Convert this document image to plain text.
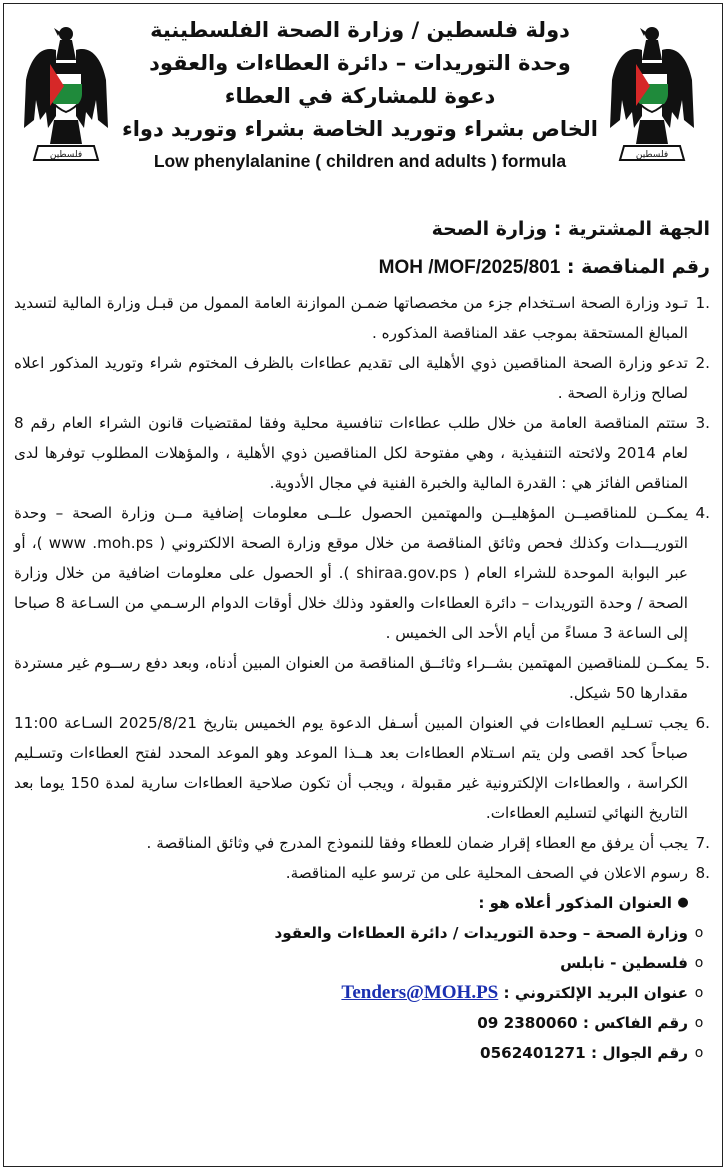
فلسطين	فلسطين
دولة فلسطين / وزارة الصحة الفلسطينية
وحدة التوريدات – دائرة العطاءات والعقود
دعوة للمشاركة في العطاء
الخاص بشراء وتوريد الخاصة بشراء وتوريد دواء
Low phenylalanine ( children and adults ) formula
الجهة المشترية : وزارة الصحة
رقم المناقصة : MOH /MOF/2025/801
.1
تـود وزارة الصحة اسـتخدام جزء من مخصصاتها ضمـن الموازنة العامة الممول من قبـل وزارة المالية لتسديد المبالغ المستحقة بموجب عقد المناقصة المذكوره .
.2
تدعو وزارة الصحة المناقصين ذوي الأهلية الى تقديم عطاءات بالظرف المختوم شراء وتوريد المذكور اعلاه لصالح وزارة الصحة .
.3
ستتم المناقصة العامة من خلال طلب عطاءات تنافسية محلية وفقا لمقتضيات قانون الشراء العام رقم 8 لعام 2014 ولائحته التنفيذية ، وهي مفتوحة لكل المناقصين ذوي الأهلية ، والمؤهلات المطلوب توفرها لدى المناقص الفائز هي : القدرة المالية والخبرة الفنية في مجال الأدوية.
.4
يمكــن للمناقصيــن المؤهليــن والمهتمين الحصول علــى معلومات إضافية مــن وزارة الصحة – وحدة التوريـــدات وكذلك فحص وثائق المناقصة من خلال موقع وزارة الصحة الالكتروني ( www .moh.ps )، أو عبر البوابة الموحدة للشراء العام ( shiraa.gov.ps ). أو الحصول على معلومات اضافية من خلال وزارة الصحة / وحدة التوريدات – دائرة العطاءات والعقود وذلك خلال أوقات الدوام الرسـمي من السـاعة 8 صباحا إلى الساعة 3 مساءً من أيام الأحد الى الخميس .
.5
يمكــن للمناقصين المهتمين بشــراء وثائــق المناقصة من العنوان المبين أدناه، وبعد دفع رســوم غير مستردة مقدارها 50 شيكل.
.6
يجب تسـليم العطاءات في العنوان المبين أسـفل الدعوة يوم الخميس بتاريخ 2025/8/21 السـاعة 11:00 صباحاً كحد اقصى ولن يتم اسـتلام العطاءات بعد هــذا الموعد وهو الموعد المحدد لفتح العطاءات وتسـليم الكراسة ، والعطاءات الإلكترونية غير مقبولة ، ويجب أن تكون صلاحية العطاءات سارية لمدة 150 يوما بعد التاريخ النهائي لتسليم العطاءات.
.7
يجب أن يرفق مع العطاء إقرار ضمان للعطاء وفقا للنموذج المدرج في وثائق المناقصة .
.8
رسوم الاعلان في الصحف المحلية على من ترسو عليه المناقصة.
●
العنوان المذكور أعلاه هو :
o
وزارة الصحة – وحدة التوريدات / دائرة العطاءات والعقود
o
فلسطين - نابلس
o
عنوان البريد الإلكتروني : Tenders@MOH.PS
o
رقم الفاكس : 09 2380060
o
رقم الجوال : 0562401271
